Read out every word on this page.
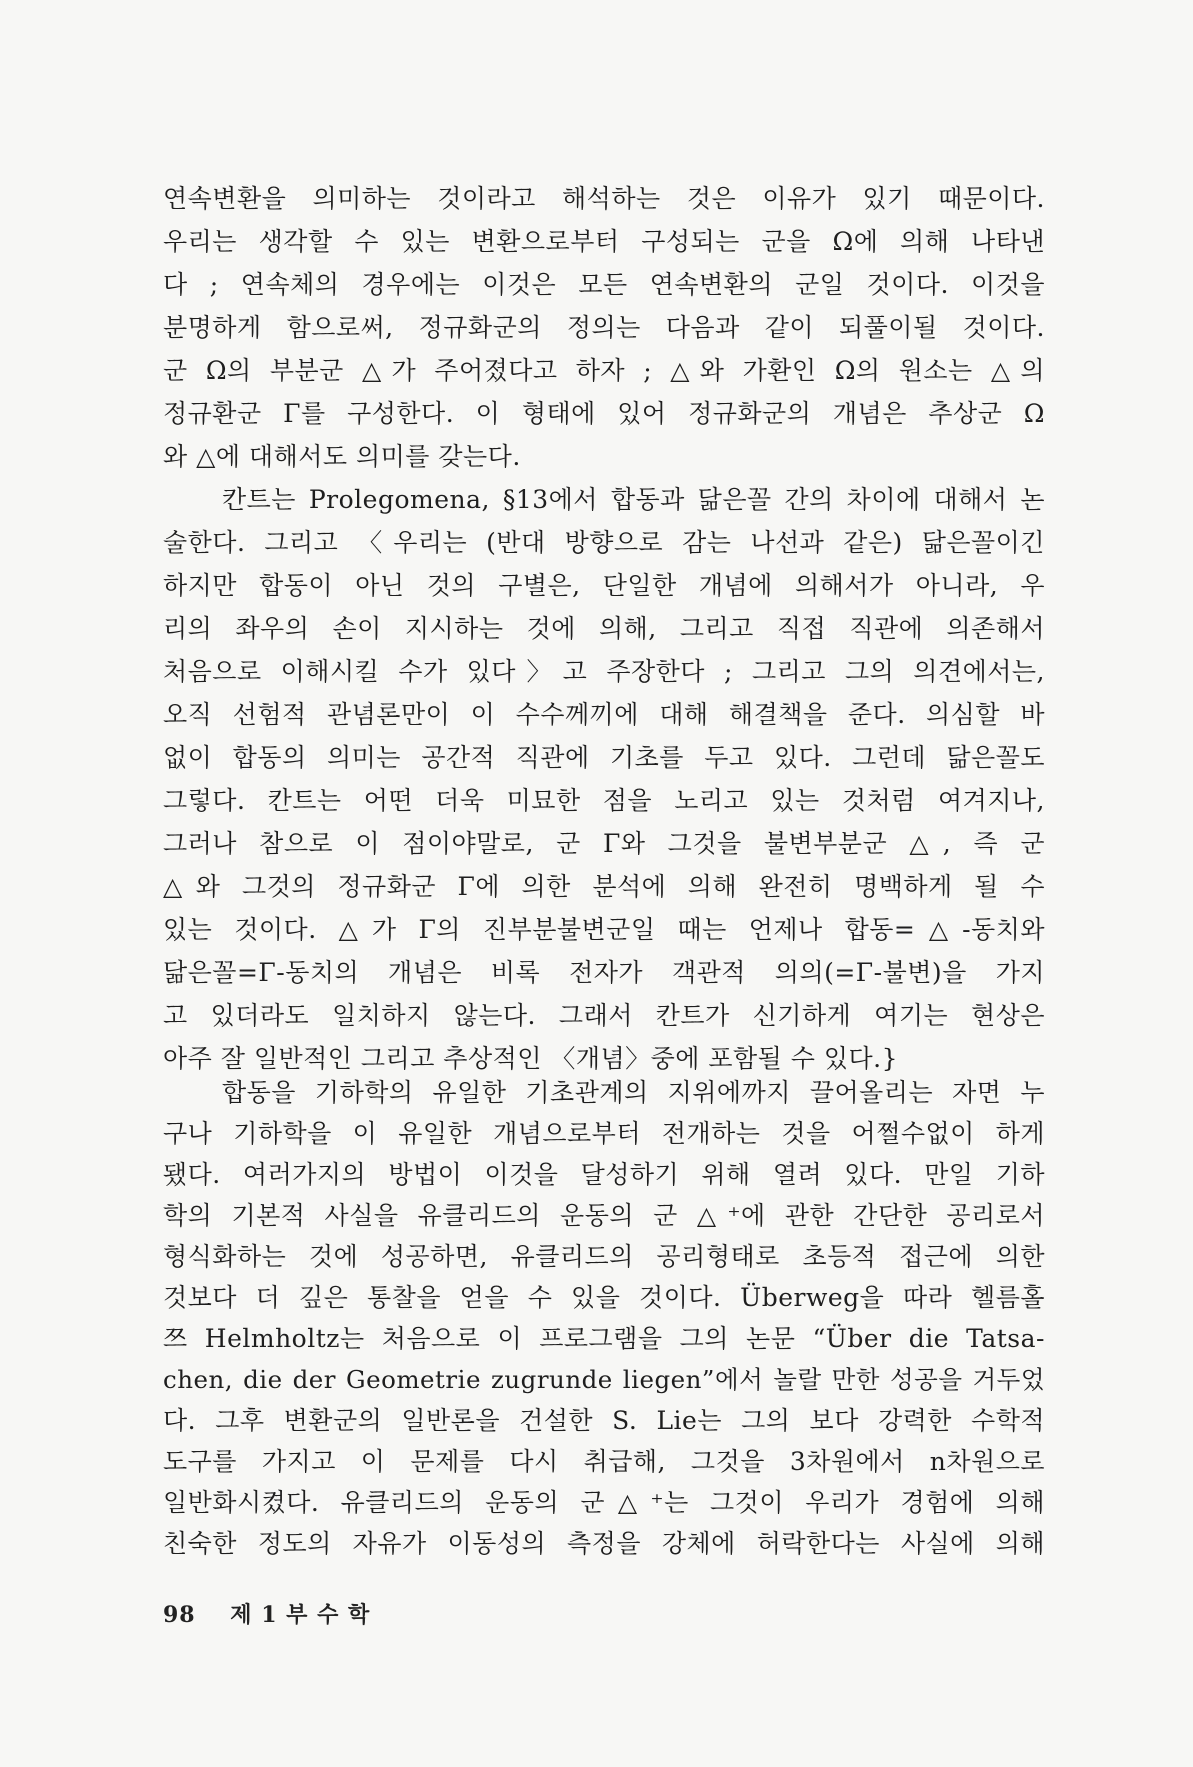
연속변환을 의미하는 것이라고 해석하는 것은 이유가 있기 때문이다.
우리는 생각할 수 있는 변환으로부터 구성되는 군을 Ω에 의해 나타낸
다 ; 연속체의 경우에는 이것은 모든 연속변환의 군일 것이다. 이것을
분명하게 함으로써, 정규화군의 정의는 다음과 같이 되풀이될 것이다.
군 Ω의 부분군 △가 주어졌다고 하자 ; △와 가환인 Ω의 원소는 △의
정규환군 Γ를 구성한다. 이 형태에 있어 정규화군의 개념은 추상군 Ω
와 △에 대해서도 의미를 갖는다.
칸트는 Prolegomena, §13에서 합동과 닮은꼴 간의 차이에 대해서 논
술한다. 그리고 〈우리는 (반대 방향으로 감는 나선과 같은) 닮은꼴이긴
하지만 합동이 아닌 것의 구별은, 단일한 개념에 의해서가 아니라, 우
리의 좌우의 손이 지시하는 것에 의해, 그리고 직접 직관에 의존해서
처음으로 이해시킬 수가 있다〉고 주장한다 ; 그리고 그의 의견에서는,
오직 선험적 관념론만이 이 수수께끼에 대해 해결책을 준다. 의심할 바
없이 합동의 의미는 공간적 직관에 기초를 두고 있다. 그런데 닮은꼴도
그렇다. 칸트는 어떤 더욱 미묘한 점을 노리고 있는 것처럼 여겨지나,
그러나 참으로 이 점이야말로, 군 Γ와 그것을 불변부분군 △, 즉 군
△와 그것의 정규화군 Γ에 의한 분석에 의해 완전히 명백하게 될 수
있는 것이다. △가 Γ의 진부분불변군일 때는 언제나 합동=△-동치와
닮은꼴=Γ-동치의 개념은 비록 전자가 객관적 의의(=Γ-불변)을 가지
고 있더라도 일치하지 않는다. 그래서 칸트가 신기하게 여기는 현상은
아주 잘 일반적인 그리고 추상적인 〈개념〉중에 포함될 수 있다.}
합동을 기하학의 유일한 기초관계의 지위에까지 끌어올리는 자면 누
구나 기하학을 이 유일한 개념으로부터 전개하는 것을 어쩔수없이 하게
됐다. 여러가지의 방법이 이것을 달성하기 위해 열려 있다. 만일 기하
학의 기본적 사실을 유클리드의 운동의 군 △⁺에 관한 간단한 공리로서
형식화하는 것에 성공하면, 유클리드의 공리형태로 초등적 접근에 의한
것보다 더 깊은 통찰을 얻을 수 있을 것이다. Überweg을 따라 헬름홀
쯔 Helmholtz는 처음으로 이 프로그램을 그의 논문 “Über die Tatsa-
chen, die der Geometrie zugrunde liegen”에서 놀랄 만한 성공을 거두었
다. 그후 변환군의 일반론을 건설한 S. Lie는 그의 보다 강력한 수학적
도구를 가지고 이 문제를 다시 취급해, 그것을 3차원에서 n차원으로
일반화시켰다. 유클리드의 운동의 군△⁺는 그것이 우리가 경험에 의해
친숙한 정도의 자유가 이동성의 측정을 강체에 허락한다는 사실에 의해
98 제 1 부 수 학
